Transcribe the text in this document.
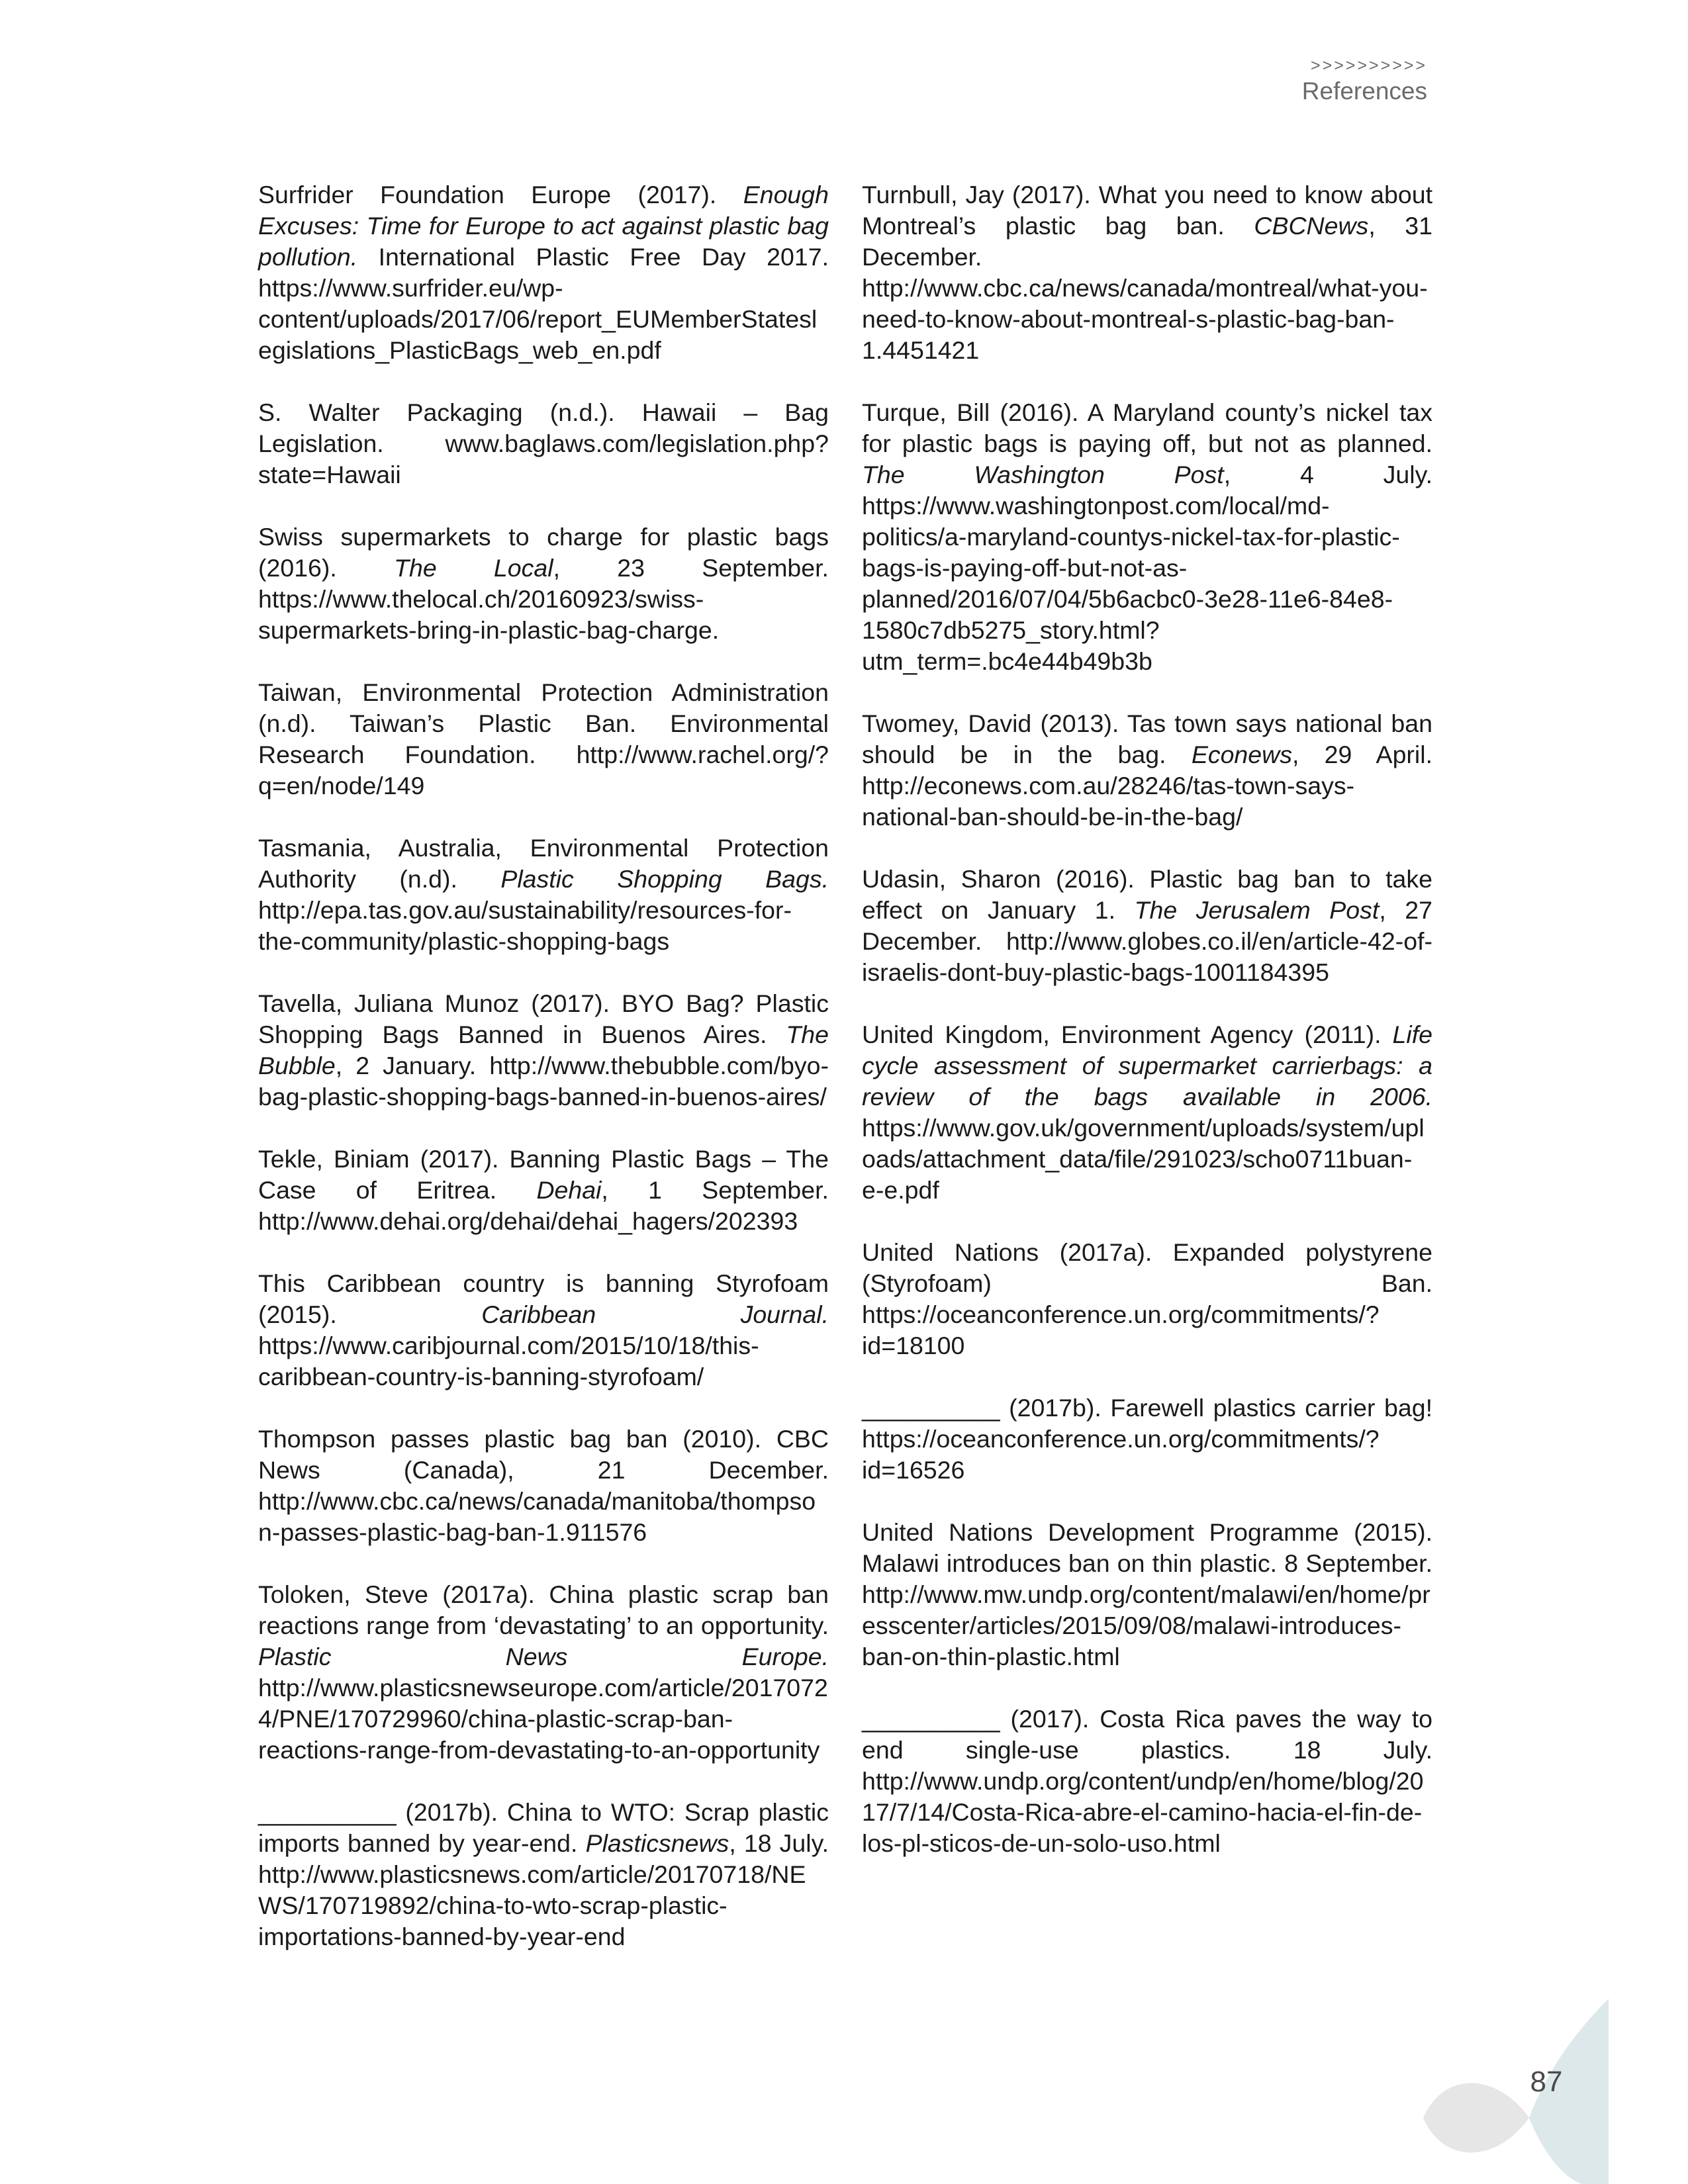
>>>>>>>>>>
References

Surfrider Foundation Europe (2017). Enough Excuses: Time for Europe to act against plastic bag pollution. International Plastic Free Day 2017. https://www.surfrider.eu/wp-content/uploads/2017/06/report_EUMemberStateslegislations_PlasticBags_web_en.pdf

S. Walter Packaging (n.d.). Hawaii – Bag Legislation. www.baglaws.com/legislation.php?state=Hawaii

Swiss supermarkets to charge for plastic bags (2016). The Local, 23 September. https://www.thelocal.ch/20160923/swiss-supermarkets-bring-in-plastic-bag-charge.

Taiwan, Environmental Protection Administration (n.d). Taiwan’s Plastic Ban. Environmental Research Foundation. http://www.rachel.org/?q=en/node/149

Tasmania, Australia, Environmental Protection Authority (n.d). Plastic Shopping Bags. http://epa.tas.gov.au/sustainability/resources-for-the-community/plastic-shopping-bags

Tavella, Juliana Munoz (2017). BYO Bag? Plastic Shopping Bags Banned in Buenos Aires. The Bubble, 2 January. http://www.thebubble.com/byo-bag-plastic-shopping-bags-banned-in-buenos-aires/

Tekle, Biniam (2017). Banning Plastic Bags – The Case of Eritrea. Dehai, 1 September. http://www.dehai.org/dehai/dehai_hagers/202393

This Caribbean country is banning Styrofoam (2015). Caribbean Journal. https://www.caribjournal.com/2015/10/18/this-caribbean-country-is-banning-styrofoam/

Thompson passes plastic bag ban (2010). CBC News (Canada), 21 December. http://www.cbc.ca/news/canada/manitoba/thompson-passes-plastic-bag-ban-1.911576

Toloken, Steve (2017a). China plastic scrap ban reactions range from ‘devastating’ to an opportunity. Plastic News Europe. http://www.plasticsnewseurope.com/article/20170724/PNE/170729960/china-plastic-scrap-ban-reactions-range-from-devastating-to-an-opportunity

__________ (2017b). China to WTO: Scrap plastic imports banned by year-end. Plasticsnews, 18 July. http://www.plasticsnews.com/article/20170718/NEWS/170719892/china-to-wto-scrap-plastic-importations-banned-by-year-end

Turnbull, Jay (2017). What you need to know about Montreal’s plastic bag ban. CBCNews, 31 December. http://www.cbc.ca/news/canada/montreal/what-you-need-to-know-about-montreal-s-plastic-bag-ban-1.4451421

Turque, Bill (2016). A Maryland county’s nickel tax for plastic bags is paying off, but not as planned. The Washington Post, 4 July. https://www.washingtonpost.com/local/md-politics/a-maryland-countys-nickel-tax-for-plastic-bags-is-paying-off-but-not-as-planned/2016/07/04/5b6acbc0-3e28-11e6-84e8-1580c7db5275_story.html?utm_term=.bc4e44b49b3b

Twomey, David (2013). Tas town says national ban should be in the bag. Econews, 29 April. http://econews.com.au/28246/tas-town-says-national-ban-should-be-in-the-bag/

Udasin, Sharon (2016). Plastic bag ban to take effect on January 1. The Jerusalem Post, 27 December. http://www.globes.co.il/en/article-42-of-israelis-dont-buy-plastic-bags-1001184395

United Kingdom, Environment Agency (2011). Life cycle assessment of supermarket carrierbags: a review of the bags available in 2006. https://www.gov.uk/government/uploads/system/uploads/attachment_data/file/291023/scho0711buan-e-e.pdf

United Nations (2017a). Expanded polystyrene (Styrofoam) Ban. https://oceanconference.un.org/commitments/?id=18100

__________ (2017b). Farewell plastics carrier bag! https://oceanconference.un.org/commitments/?id=16526

United Nations Development Programme (2015). Malawi introduces ban on thin plastic. 8 September. http://www.mw.undp.org/content/malawi/en/home/presscenter/articles/2015/09/08/malawi-introduces-ban-on-thin-plastic.html

__________ (2017). Costa Rica paves the way to end single-use plastics. 18 July. http://www.undp.org/content/undp/en/home/blog/2017/7/14/Costa-Rica-abre-el-camino-hacia-el-fin-de-los-pl-sticos-de-un-solo-uso.html

87
